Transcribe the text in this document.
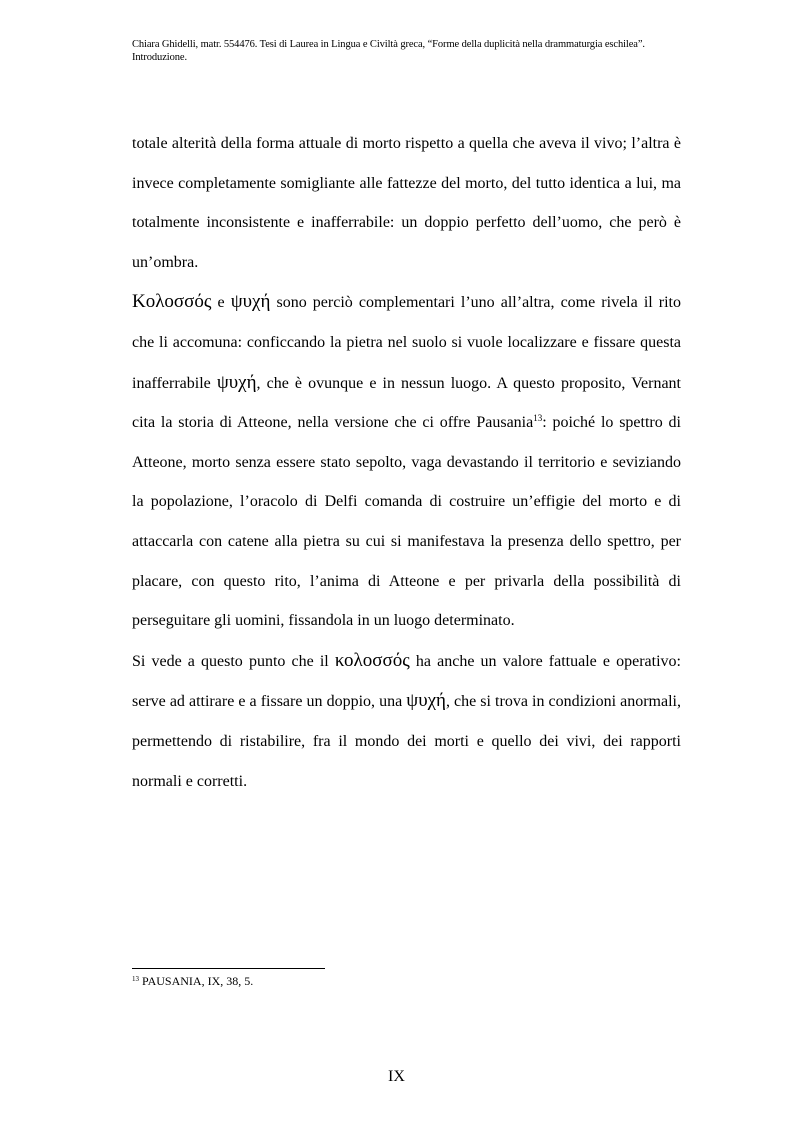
Chiara Ghidelli, matr. 554476. Tesi di Laurea in Lingua e Civiltà greca, “Forme della duplicità nella drammaturgia eschilea”.
Introduzione.

totale alterità della forma attuale di morto rispetto a quella che aveva il vivo; l’altra è invece completamente somigliante alle fattezze del morto, del tutto identica a lui, ma totalmente inconsistente e inafferrabile: un doppio perfetto dell’uomo, che però è un’ombra.

Κολοσσός e ψυχή sono perciò complementari l’uno all’altra, come rivela il rito che li accomuna: conficcando la pietra nel suolo si vuole localizzare e fissare questa inafferrabile ψυχή, che è ovunque e in nessun luogo. A questo proposito, Vernant cita la storia di Atteone, nella versione che ci offre Pausania$^{13}$: poiché lo spettro di Atteone, morto senza essere stato sepolto, vaga devastando il territorio e seviziando la popolazione, l’oracolo di Delfi comanda di costruire un’effigie del morto e di attaccarla con catene alla pietra su cui si manifestava la presenza dello spettro, per placare, con questo rito, l’anima di Atteone e per privarla della possibilità di perseguitare gli uomini, fissandola in un luogo determinato.

Si vede a questo punto che il κολοσσός ha anche un valore fattuale e operativo: serve ad attirare e a fissare un doppio, una ψυχή, che si trova in condizioni anormali, permettendo di ristabilire, fra il mondo dei morti e quello dei vivi, dei rapporti normali e corretti.

$^{13}$ PAUSANIA, IX, 38, 5.
IX
